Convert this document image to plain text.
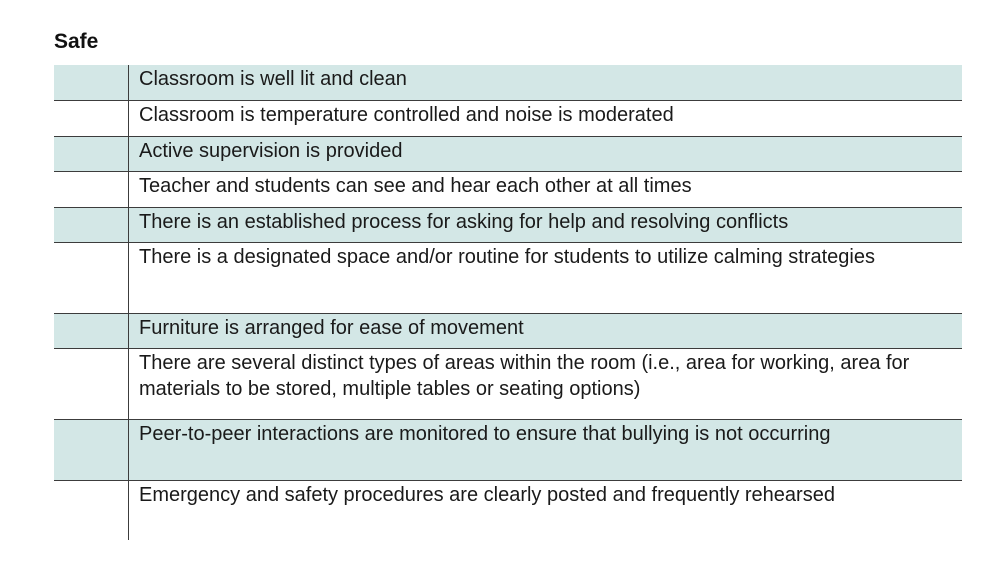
Safe

	Classroom is well lit and clean

	Classroom is temperature controlled and noise is moderated

	Active supervision is provided

	Teacher and students can see and hear each other at all times

	There is an established process for asking for help and resolving conflicts

	There is a designated space and/or routine for students to utilize calming strategies

	Furniture is arranged for ease of movement

	There are several distinct types of areas within the room (i.e., area for working, area for materials to be stored, multiple tables or seating options)

	Peer-to-peer interactions are monitored to ensure that bullying is not occurring

	Emergency and safety procedures are clearly posted and frequently rehearsed
